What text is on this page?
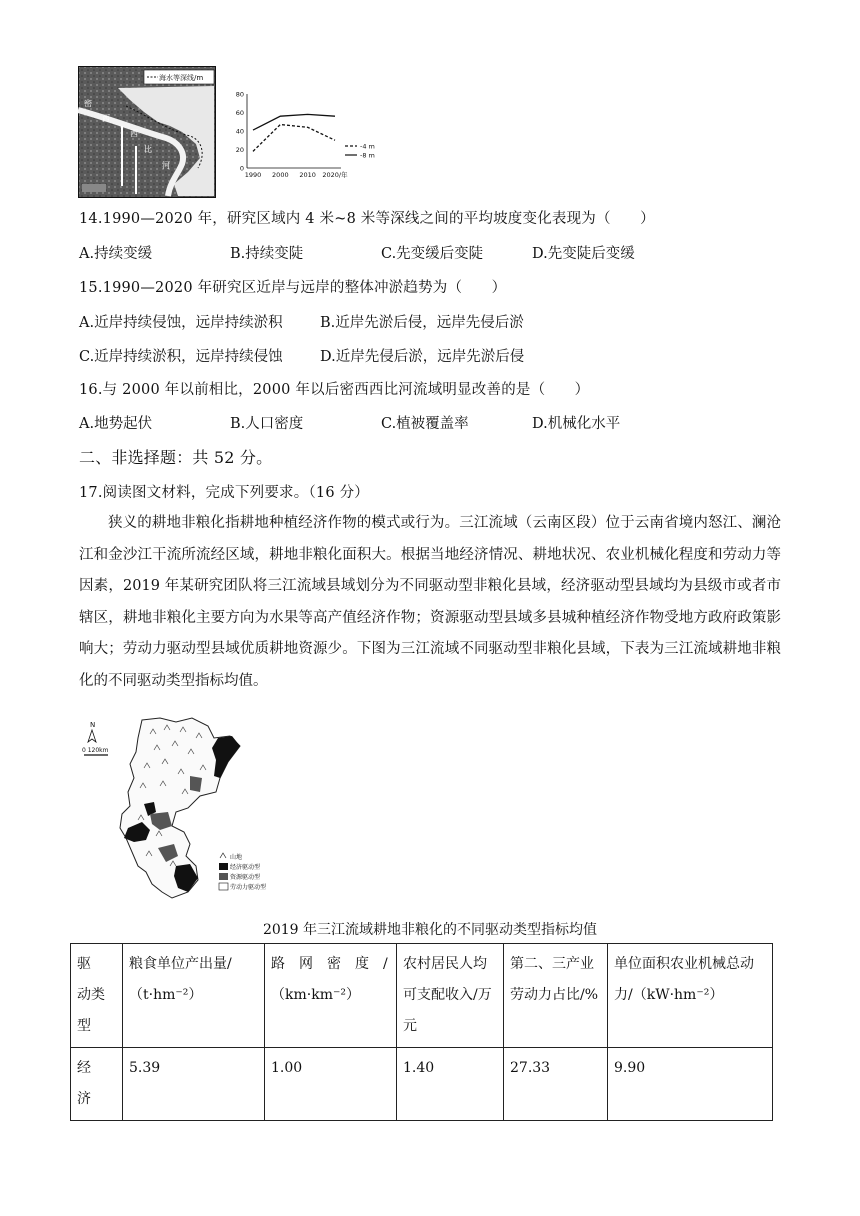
海水等深线/m
密
西
西
比
河	0
20
40
60
80
1990 2000 2010 2020/年
-4 m
-8 m
14.1990—2020 年，研究区域内 4 米~8 米等深线之间的平均坡度变化表现为（　　）
A.持续变缓	B.持续变陡	C.先变缓后变陡	D.先变陡后变缓
15.1990—2020 年研究区近岸与远岸的整体冲淤趋势为（　　）
A.近岸持续侵蚀，远岸持续淤积	B.近岸先淤后侵，远岸先侵后淤
C.近岸持续淤积，远岸持续侵蚀	D.近岸先侵后淤，远岸先淤后侵
16.与 2000 年以前相比，2000 年以后密西西比河流域明显改善的是（　　）
A.地势起伏	B.人口密度	C.植被覆盖率	D.机械化水平
二、非选择题：共 52 分。
17.阅读图文材料，完成下列要求。（16 分）
狭义的耕地非粮化指耕地种植经济作物的模式或行为。三江流域（云南区段）位于云南省境内怒江、澜沧江和金沙江干流所流经区域，耕地非粮化面积大。根据当地经济情况、耕地状况、农业机械化程度和劳动力等因素，2019 年某研究团队将三江流域县域划分为不同驱动型非粮化县域，经济驱动型县域均为县级市或者市辖区，耕地非粮化主要方向为水果等高产值经济作物；资源驱动型县域多县城种植经济作物受地方政府政策影响大；劳动力驱动型县域优质耕地资源少。下图为三江流域不同驱动型非粮化县域，下表为三江流域耕地非粮化的不同驱动类型指标均值。
N
0 120km
山地
经济驱动型
资源驱动型
劳动力驱动型
2019 年三江流域耕地非粮化的不同驱动类型指标均值
驱　动类型	粮食单位产出量/（t·hm⁻²）	路　网　密　度　/（km·km⁻²）	农村居民人均可支配收入/万元	第二、三产业劳动力占比/%	单位面积农业机械总动力/（kW·hm⁻²）
经　济	5.39	1.00	1.40	27.33	9.90
